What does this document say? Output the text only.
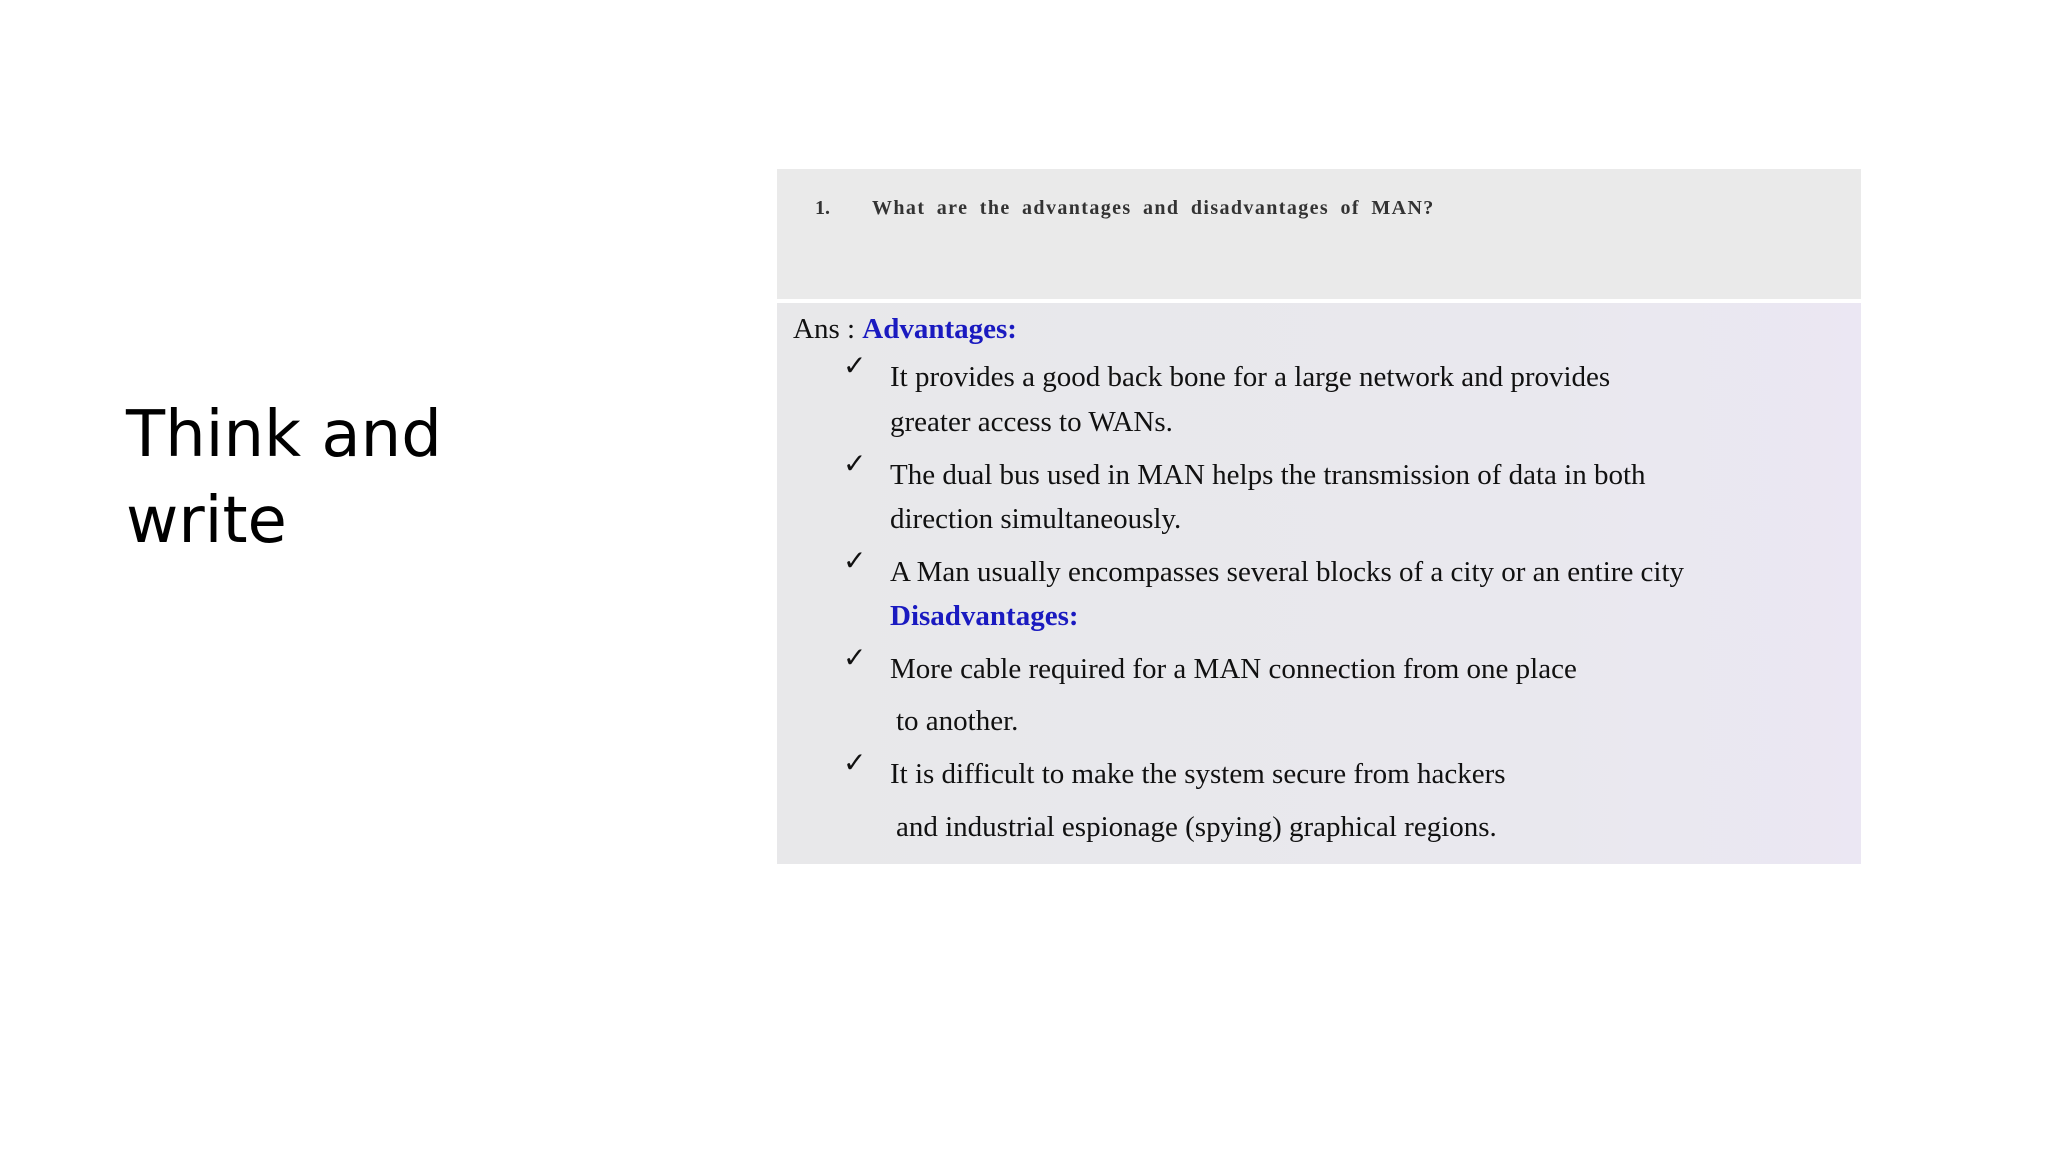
Think and
write
1. What are the advantages and disadvantages of MAN?
Ans : Advantages:
✓ It provides a good back bone for a large network and provides
greater access to WANs.
✓ The dual bus used in MAN helps the transmission of data in both
direction simultaneously.
✓ A Man usually encompasses several blocks of a city or an entire city
Disadvantages:
✓ More cable required for a MAN connection from one place
to another.
✓ It is difficult to make the system secure from hackers
and industrial espionage (spying) graphical regions.
